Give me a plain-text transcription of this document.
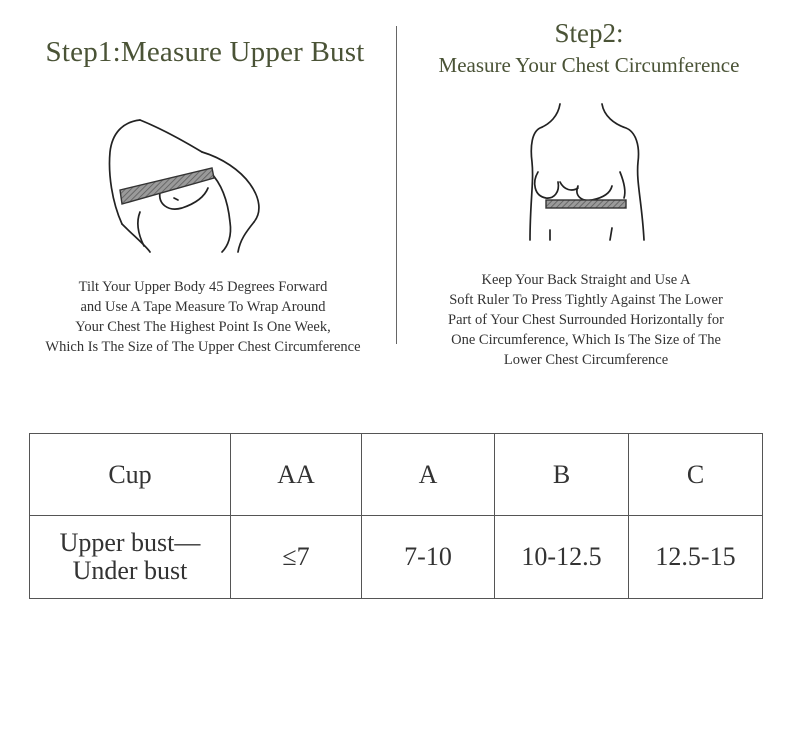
Step1:Measure Upper Bust
Step2:
Measure Your Chest Circumference

Tilt Your Upper Body 45 Degrees Forward

and Use A Tape Measure To Wrap Around

Your Chest The Highest Point Is One Week,

Which Is The Size of The Upper Chest Circumference

Keep Your Back Straight and Use A

Soft Ruler To Press Tightly Against The Lower

Part of Your Chest Surrounded Horizontally for

One Circumference, Which Is The Size of The

Lower Chest Circumference

Cup	AA	A	B	C

Upper bust—
Under bust	≤7	7-10	10-12.5	12.5-15
